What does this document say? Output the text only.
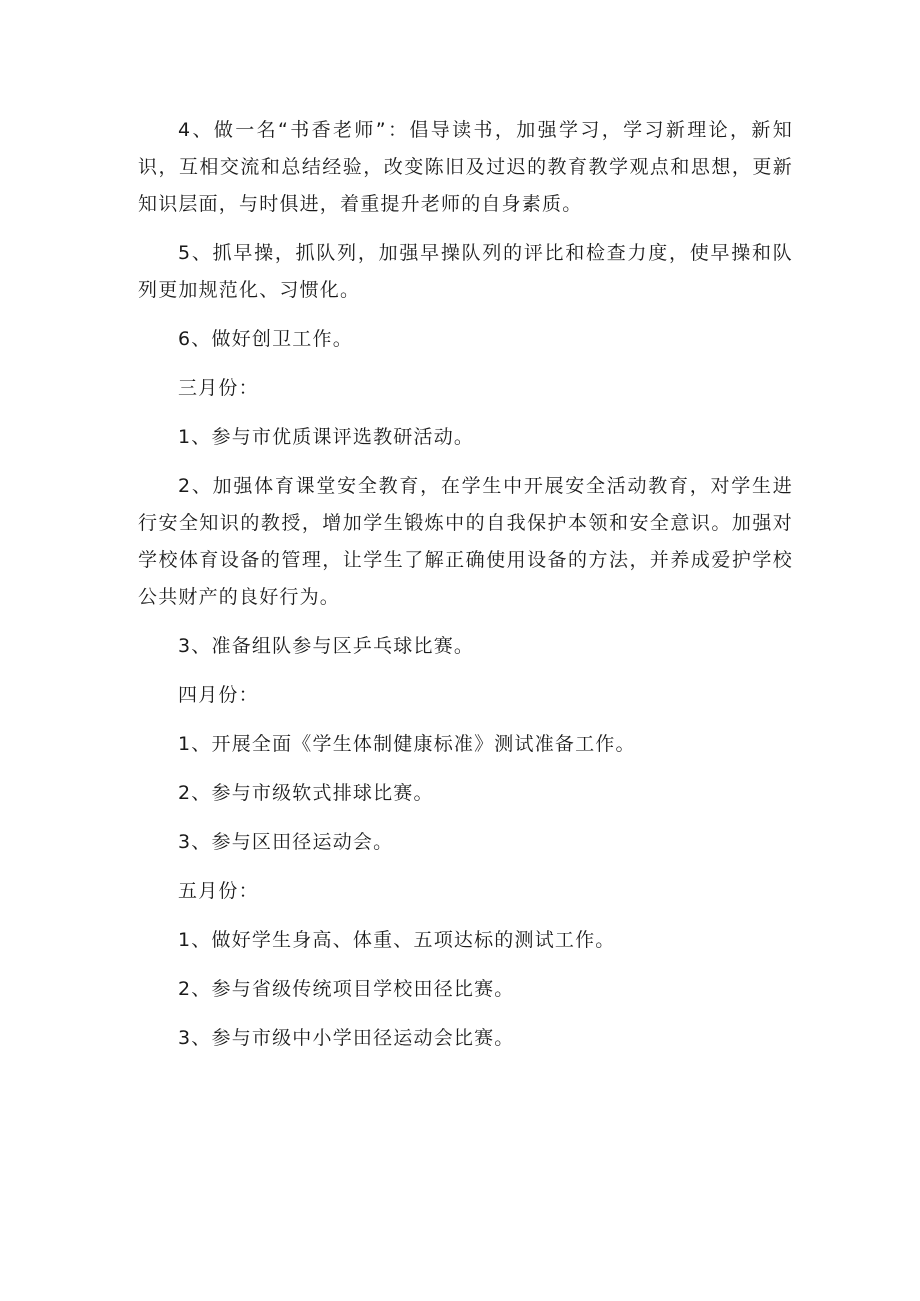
4、做一名“书香老师”：倡导读书，加强学习，学习新理论，新知识，互相交流和总结经验，改变陈旧及过迟的教育教学观点和思想，更新知识层面，与时俱进，着重提升老师的自身素质。

5、抓早操，抓队列，加强早操队列的评比和检查力度，使早操和队列更加规范化、习惯化。

6、做好创卫工作。

三月份：

1、参与市优质课评选教研活动。

2、加强体育课堂安全教育，在学生中开展安全活动教育，对学生进行安全知识的教授，增加学生锻炼中的自我保护本领和安全意识。加强对学校体育设备的管理，让学生了解正确使用设备的方法，并养成爱护学校公共财产的良好行为。

3、准备组队参与区乒乓球比赛。

四月份：

1、开展全面《学生体制健康标准》测试准备工作。

2、参与市级软式排球比赛。

3、参与区田径运动会。

五月份：

1、做好学生身高、体重、五项达标的测试工作。

2、参与省级传统项目学校田径比赛。

3、参与市级中小学田径运动会比赛。
